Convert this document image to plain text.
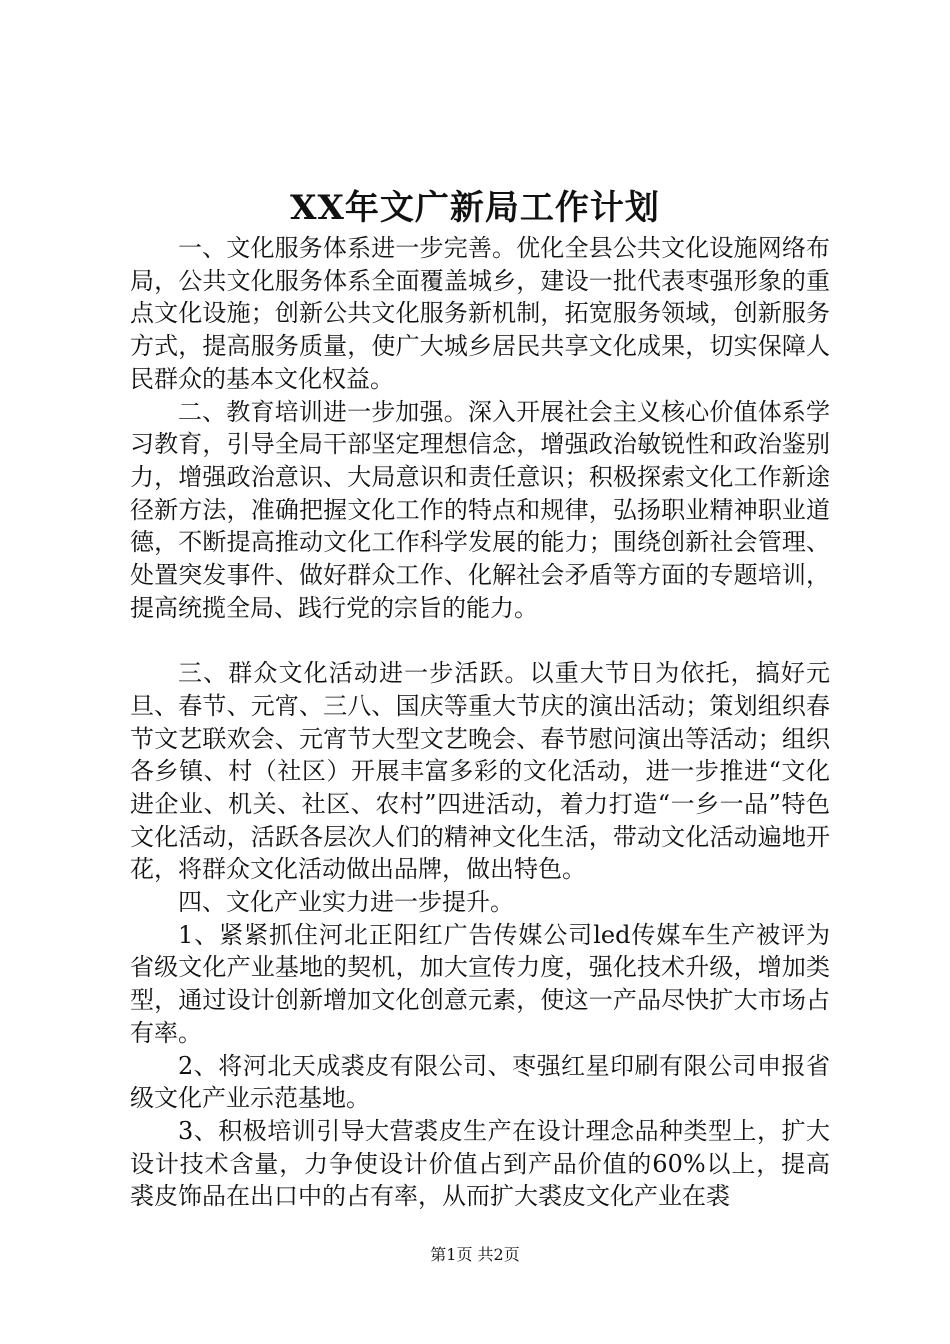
XX年文广新局工作计划

一、文化服务体系进一步完善。优化全县公共文化设施网络布局，公共文化服务体系全面覆盖城乡，建设一批代表枣强形象的重点文化设施；创新公共文化服务新机制，拓宽服务领域，创新服务方式，提高服务质量，使广大城乡居民共享文化成果，切实保障人民群众的基本文化权益。

二、教育培训进一步加强。深入开展社会主义核心价值体系学习教育，引导全局干部坚定理想信念，增强政治敏锐性和政治鉴别力，增强政治意识、大局意识和责任意识；积极探索文化工作新途径新方法，准确把握文化工作的特点和规律，弘扬职业精神职业道德，不断提高推动文化工作科学发展的能力；围绕创新社会管理、处置突发事件、做好群众工作、化解社会矛盾等方面的专题培训，提高统揽全局、践行党的宗旨的能力。

三、群众文化活动进一步活跃。以重大节日为依托，搞好元旦、春节、元宵、三八、国庆等重大节庆的演出活动；策划组织春节文艺联欢会、元宵节大型文艺晚会、春节慰问演出等活动；组织各乡镇、村（社区）开展丰富多彩的文化活动，进一步推进“文化进企业、机关、社区、农村”四进活动，着力打造“一乡一品”特色文化活动，活跃各层次人们的精神文化生活，带动文化活动遍地开花，将群众文化活动做出品牌，做出特色。

四、文化产业实力进一步提升。

1、紧紧抓住河北正阳红广告传媒公司led传媒车生产被评为省级文化产业基地的契机，加大宣传力度，强化技术升级，增加类型，通过设计创新增加文化创意元素，使这一产品尽快扩大市场占有率。

2、将河北天成裘皮有限公司、枣强红星印刷有限公司申报省级文化产业示范基地。

3、积极培训引导大营裘皮生产在设计理念品种类型上，扩大设计技术含量，力争使设计价值占到产品价值的60%以上，提高裘皮饰品在出口中的占有率，从而扩大裘皮文化产业在裘

第1页 共2页
